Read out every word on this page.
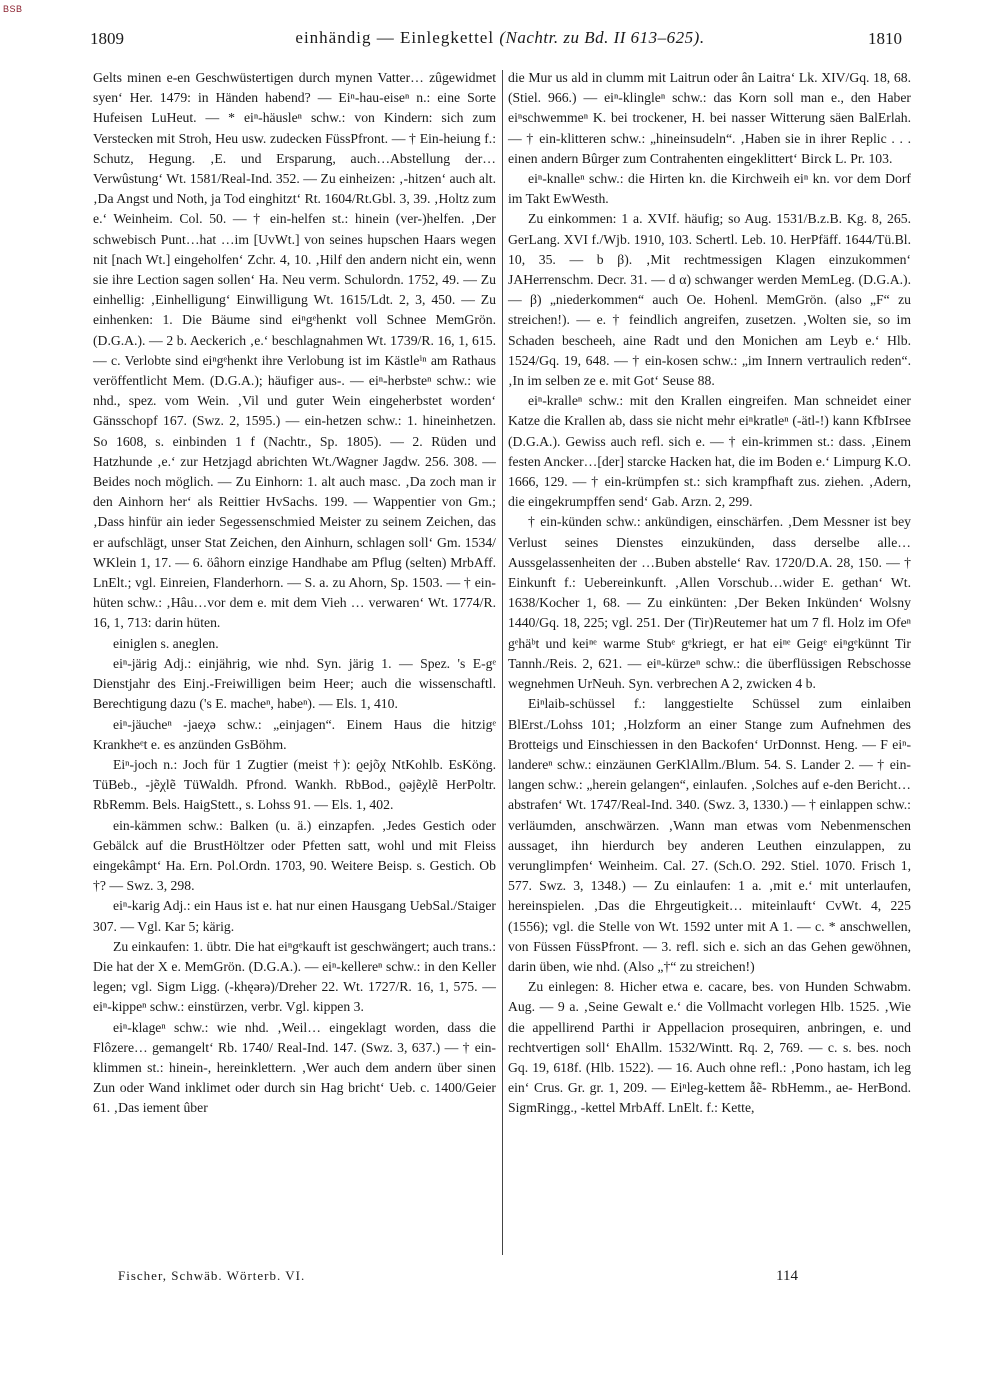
BSB
1809	einhändig — Einlegkettel (Nachtr. zu Bd. II 613–625).	1810

Gelts minen e-en Geschwüstertigen durch mynen Vatter… zûgewidmet syen‘ Her. 1479: in Händen habend? — Eiⁿ-hau-eiseⁿ n.: eine Sorte Hufeisen LuHeut. — * eiⁿ-häusleⁿ schw.: von Kindern: sich zum Verstecken mit Stroh, Heu usw. zudecken FüssPfront. — † Ein-heiung f.: Schutz, Hegung. ‚E. und Ersparung, auch…Abstellung der…Verwûstung‘ Wt. 1581/Real-Ind. 352. — Zu einheizen: ‚-hitzen‘ auch alt. ‚Da Angst und Noth, ja Tod einghitzt‘ Rt. 1604/Rt.Gbl. 3, 39. ‚Holtz zum e.‘ Weinheim. Col. 50. — † ein-helfen st.: hinein (ver-)helfen. ‚Der schwebisch Punt…hat …im [UvWt.] von seines hupschen Haars wegen nit [nach Wt.] eingeholfen‘ Zchr. 4, 10. ‚Hilf den andern nicht ein, wenn sie ihre Lection sagen sollen‘ Ha. Neu verm. Schulordn. 1752, 49. — Zu einhellig: ‚Einhelligung‘ Einwilligung Wt. 1615/Ldt. 2, 3, 450. — Zu einhenken: 1. Die Bäume sind eiⁿgᵉhenkt voll Schnee MemGrön. (D.G.A.). — 2 b. Aeckerich ‚e.‘ beschlagnahmen Wt. 1739/R. 16, 1, 615. — c. Verlobte sind eiⁿgᵉhenkt ihre Verlobung ist im Kästleⁱⁿ am Rathaus veröffentlicht Mem. (D.G.A.); häufiger aus-. — eiⁿ-herbsteⁿ schw.: wie nhd., spez. vom Wein. ‚Vil und guter Wein eingeherbstet worden‘ Gänsschopf 167. (Swz. 2, 1595.) — ein-hetzen schw.: 1. hineinhetzen. So 1608, s. einbinden 1 f (Nachtr., Sp. 1805). — 2. Rüden und Hatzhunde ‚e.‘ zur Hetzjagd abrichten Wt./Wagner Jagdw. 256. 308. — Beides noch möglich. — Zu Einhorn: 1. alt auch masc. ‚Da zoch man ir den Ainhorn her‘ als Reittier HvSachs. 199. — Wappentier von Gm.; ‚Dass hinfür ain ieder Segessenschmied Meister zu seinem Zeichen, das er aufschlägt, unser Stat Zeichen, den Ainhurn, schlagen soll‘ Gm. 1534/ WKlein 1, 17. — 6. öâhorn einzige Handhabe am Pflug (selten) MrbAff. LnElt.; vgl. Einreien, Flanderhorn. — S. a. zu Ahorn, Sp. 1503. — † ein-hüten schw.: ‚Hâu…vor dem e. mit dem Vieh … verwaren‘ Wt. 1774/R. 16, 1, 713: darin hüten.

einiglen s. aneglen.

eiⁿ-järig Adj.: einjährig, wie nhd. Syn. järig 1. — Spez. 's E-gᵉ Dienstjahr des Einj.-Freiwilligen beim Heer; auch die wissenschaftl. Berechtigung dazu ('s E. macheⁿ, habeⁿ). — Els. 1, 410.

eiⁿ-jäucheⁿ -jaeχə schw.: „einjagen“. Einem Haus die hitzigᵉ Krankheᵉt e. es anzünden GsBöhm.

Eiⁿ-joch n.: Joch für 1 Zugtier (meist †): ϱejõχ NtKohlb. EsKöng. TüBeb., -jẽχlẽ TüWaldh. Pfrond. Wankh. RbBod., ϱəjẽχlẽ HerPoltr. RbRemm. Bels. HaigStett., s. Lohss 91. — Els. 1, 402.

ein-kämmen schw.: Balken (u. ä.) einzapfen. ‚Jedes Gestich oder Gebälck auf die BrustHöltzer oder Pfetten satt, wohl und mit Fleiss eingekâmpt‘ Ha. Ern. Pol.Ordn. 1703, 90. Weitere Beisp. s. Gestich. Ob †? — Swz. 3, 298.

eiⁿ-karig Adj.: ein Haus ist e. hat nur einen Hausgang UebSal./Staiger 307. — Vgl. Kar 5; kärig.

Zu einkaufen: 1. übtr. Die hat eiⁿgᵉkauft ist geschwängert; auch trans.: Die hat der X e. MemGrön. (D.G.A.). — eiⁿ-kellereⁿ schw.: in den Keller legen; vgl. Sigm Ligg. (-khęərə)/Dreher 22. Wt. 1727/R. 16, 1, 575. — eiⁿ-kippeⁿ schw.: einstürzen, verbr. Vgl. kippen 3.

eiⁿ-klageⁿ schw.: wie nhd. ‚Weil… eingeklagt worden, dass die Flôzere… gemangelt‘ Rb. 1740/ Real-Ind. 147. (Swz. 3, 637.) — † ein-klimmen st.: hinein-, hereinklettern. ‚Wer auch dem andern über sinen Zun oder Wand inklimet oder durch sin Hag bricht‘ Ueb. c. 1400/Geier 61. ‚Das iement ûber

die Mur us ald in clumm mit Laitrun oder ân Laitra‘ Lk. XIV/Gq. 18, 68. (Stiel. 966.) — eiⁿ-klingleⁿ schw.: das Korn soll man e., den Haber eiⁿschwemmeⁿ K. bei trockener, H. bei nasser Witterung säen BalErlah. — † ein-klitteren schw.: „hineinsudeln“. ‚Haben sie in ihrer Replic . . . einen andern Bûrger zum Contrahenten eingeklittert‘ Birck L. Pr. 103.

eiⁿ-knalleⁿ schw.: die Hirten kn. die Kirchweih eiⁿ kn. vor dem Dorf im Takt EwWesth.

Zu einkommen: 1 a. XVIf. häufig; so Aug. 1531/B.z.B. Kg. 8, 265. GerLang. XVI f./Wjb. 1910, 103. Schertl. Leb. 10. HerPfäff. 1644/Tü.Bl. 10, 35. — b β). ‚Mit rechtmessigen Klagen einzukommen‘ JAHerrenschm. Decr. 31. — d α) schwanger werden MemLeg. (D.G.A.). — β) „niederkommen“ auch Oe. Hohenl. MemGrön. (also „F“ zu streichen!). — e. † feindlich angreifen, zusetzen. ‚Wolten sie, so im Schaden bescheeh, aine Radt und den Monichen am Leyb e.‘ Hlb. 1524/Gq. 19, 648. — † ein-kosen schw.: „im Innern vertraulich reden“. ‚In im selben ze e. mit Got‘ Seuse 88.

eiⁿ-kralleⁿ schw.: mit den Krallen eingreifen. Man schneidet einer Katze die Krallen ab, dass sie nicht mehr eiⁿkratleⁿ (-ätl-!) kann KfbIrsee (D.G.A.). Gewiss auch refl. sich e. — † ein-krimmen st.: dass. ‚Einem festen Ancker…[der] starcke Hacken hat, die im Boden e.‘ Limpurg K.O. 1666, 129. — † ein-krümpfen st.: sich krampfhaft zus. ziehen. ‚Adern, die eingekrumpffen send‘ Gab. Arzn. 2, 299.

† ein-künden schw.: ankündigen, einschärfen. ‚Dem Messner ist bey Verlust seines Dienstes einzukünden, dass derselbe alle… Aussgelassenheiten der …Buben abstelle‘ Rav. 1720/D.A. 28, 150. — † Einkunft f.: Uebereinkunft. ‚Allen Vorschub…wider E. gethan‘ Wt. 1638/Kocher 1, 68. — Zu einkünten: ‚Der Beken Inkünden‘ Wolsny 1440/Gq. 18, 225; vgl. 251. Der (Tir)Reutemer hat um 7 fl. Holz im Ofeⁿ gᵉhäᵇt und keiⁿᵉ warme Stubᵉ gᵉkriegt, er hat eiⁿᵉ Geigᵉ eiⁿgᵉkünnt Tir Tannh./Reis. 2, 621. — eiⁿ-kürzeⁿ schw.: die überflüssigen Rebschosse wegnehmen UrNeuh. Syn. verbrechen A 2, zwicken 4 b.

Eiⁿlaib-schüssel f.: langgestielte Schüssel zum einlaiben BlErst./Lohss 101; ‚Holzform an einer Stange zum Aufnehmen des Brotteigs und Einschiessen in den Backofen‘ UrDonnst. Heng. — F eiⁿ-landereⁿ schw.: einzäunen GerKlAllm./Blum. 54. S. Lander 2. — † ein-langen schw.: „herein gelangen“, einlaufen. ‚Solches auf e-den Bericht… abstrafen‘ Wt. 1747/Real-Ind. 340. (Swz. 3, 1330.) — † einlappen schw.: verläumden, anschwärzen. ‚Wann man etwas vom Nebenmenschen aussaget, ihn hierdurch bey anderen Leuthen einzulappen, zu verunglimpfen‘ Weinheim. Cal. 27. (Sch.O. 292. Stiel. 1070. Frisch 1, 577. Swz. 3, 1348.) — Zu einlaufen: 1 a. ‚mit e.‘ mit unterlaufen, hereinspielen. ‚Das die Ehrgeutigkeit… miteinlauft‘ CvWt. 4, 225 (1556); vgl. die Stelle von Wt. 1592 unter mit A 1. — c. * anschwellen, von Füssen FüssPfront. — 3. refl. sich e. sich an das Gehen gewöhnen, darin üben, wie nhd. (Also „†“ zu streichen!)

Zu einlegen: 8. Hicher etwa e. cacare, bes. von Hunden Schwabm. Aug. — 9 a. ‚Seine Gewalt e.‘ die Vollmacht vorlegen Hlb. 1525. ‚Wie die appellirend Parthi ir Appellacion prosequiren, anbringen, e. und rechtvertigen soll‘ EhAllm. 1532/Wintt. Rq. 2, 769. — c. s. bes. noch Gq. 19, 618f. (Hlb. 1522). — 16. Auch ohne refl.: ‚Pono hastam, ich leg ein‘ Crus. Gr. gr. 1, 209. — Eiⁿleg-kettem ẫẽ- RbHemm., ae- HerBond. SigmRingg., -kettel MrbAff. LnElt. f.: Kette,

Fischer, Schwäb. Wörterb. VI.	114
